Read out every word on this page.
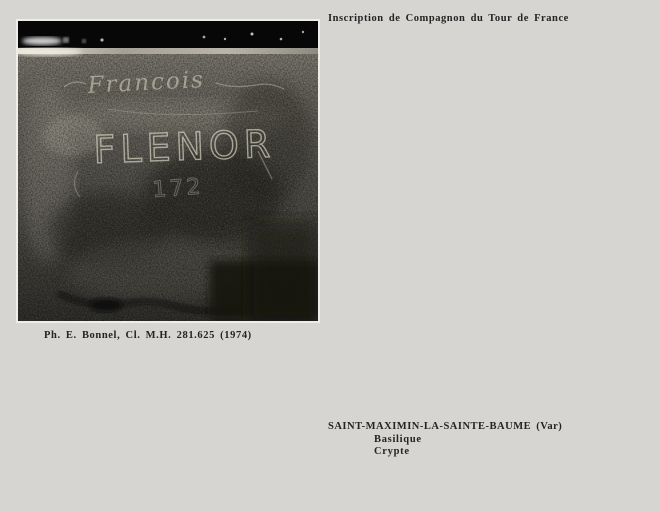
Francois
FLENOR
172
Inscription de Compagnon du Tour de France
Ph. E. Bonnel, Cl. M.H. 281.625 (1974)
SAINT-MAXIMIN-LA-SAINTE-BAUME (Var)
Basilique
Crypte
